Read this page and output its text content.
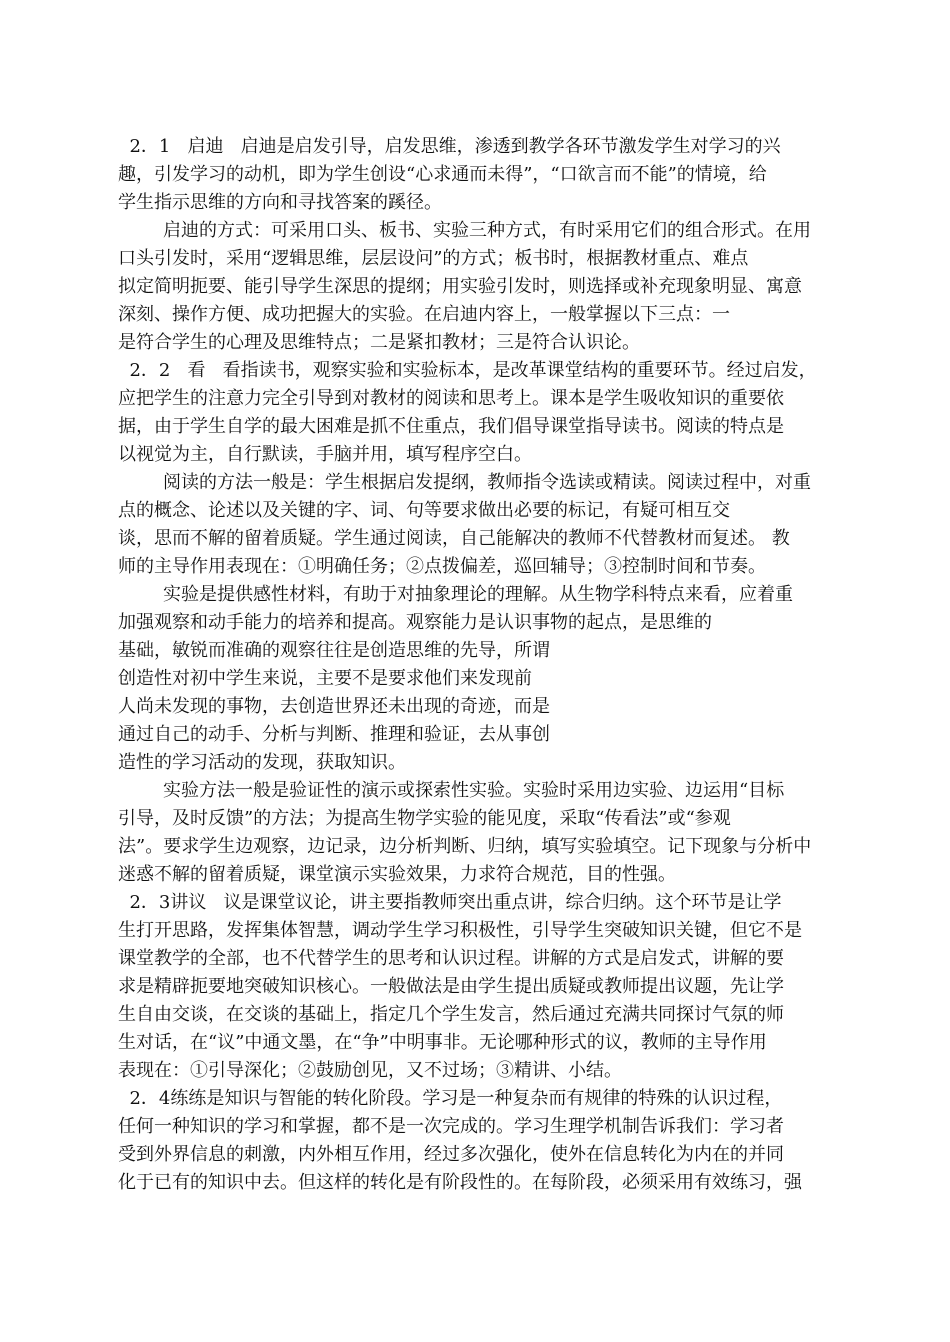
2．1   启迪   启迪是启发引导，启发思维，渗透到教学各环节激发学生对学习的兴

趣，引发学习的动机，即为学生创设“心求通而未得”，“口欲言而不能”的情境，给

学生指示思维的方向和寻找答案的蹊径。

启迪的方式：可采用口头、板书、实验三种方式，有时采用它们的组合形式。在用

口头引发时，采用“逻辑思维，层层设问”的方式；板书时，根据教材重点、难点

拟定简明扼要、能引导学生深思的提纲；用实验引发时，则选择或补充现象明显、寓意

深刻、操作方便、成功把握大的实验。在启迪内容上，一般掌握以下三点：一

是符合学生的心理及思维特点；二是紧扣教材；三是符合认识论。

2．2   看   看指读书，观察实验和实验标本，是改革课堂结构的重要环节。经过启发，

应把学生的注意力完全引导到对教材的阅读和思考上。课本是学生吸收知识的重要依

据，由于学生自学的最大困难是抓不住重点，我们倡导课堂指导读书。阅读的特点是

以视觉为主，自行默读，手脑并用，填写程序空白。

阅读的方法一般是：学生根据启发提纲，教师指令选读或精读。阅读过程中，对重

点的概念、论述以及关键的字、词、句等要求做出必要的标记，有疑可相互交

谈，思而不解的留着质疑。学生通过阅读，自己能解决的教师不代替教材而复述。 教

师的主导作用表现在：①明确任务；②点拨偏差，巡回辅导；③控制时间和节奏。

实验是提供感性材料，有助于对抽象理论的理解。从生物学科特点来看，应着重

加强观察和动手能力的培养和提高。观察能力是认识事物的起点，是思维的

基础，敏锐而准确的观察往往是创造思维的先导，所谓

创造性对初中学生来说，主要不是要求他们来发现前

人尚未发现的事物，去创造世界还未出现的奇迹，而是

通过自己的动手、分析与判断、推理和验证，去从事创

造性的学习活动的发现，获取知识。

实验方法一般是验证性的演示或探索性实验。实验时采用边实验、边运用“目标

引导，及时反馈”的方法；为提高生物学实验的能见度，采取“传看法”或“参观

法”。要求学生边观察，边记录，边分析判断、归纳，填写实验填空。记下现象与分析中

迷惑不解的留着质疑，课堂演示实验效果，力求符合规范，目的性强。

2．3讲议   议是课堂议论，讲主要指教师突出重点讲，综合归纳。这个环节是让学

生打开思路，发挥集体智慧，调动学生学习积极性，引导学生突破知识关键，但它不是

课堂教学的全部，也不代替学生的思考和认识过程。讲解的方式是启发式，讲解的要

求是精辟扼要地突破知识核心。一般做法是由学生提出质疑或教师提出议题，先让学

生自由交谈，在交谈的基础上，指定几个学生发言，然后通过充满共同探讨气氛的师

生对话，在“议”中通文墨，在“争”中明事非。无论哪种形式的议，教师的主导作用

表现在：①引导深化；②鼓励创见，又不过场；③精讲、小结。

2．4练练是知识与智能的转化阶段。学习是一种复杂而有规律的特殊的认识过程，

任何一种知识的学习和掌握，都不是一次完成的。学习生理学机制告诉我们：学习者

受到外界信息的刺激，内外相互作用，经过多次强化，使外在信息转化为内在的并同

化于已有的知识中去。但这样的转化是有阶段性的。在每阶段，必须采用有效练习，强
